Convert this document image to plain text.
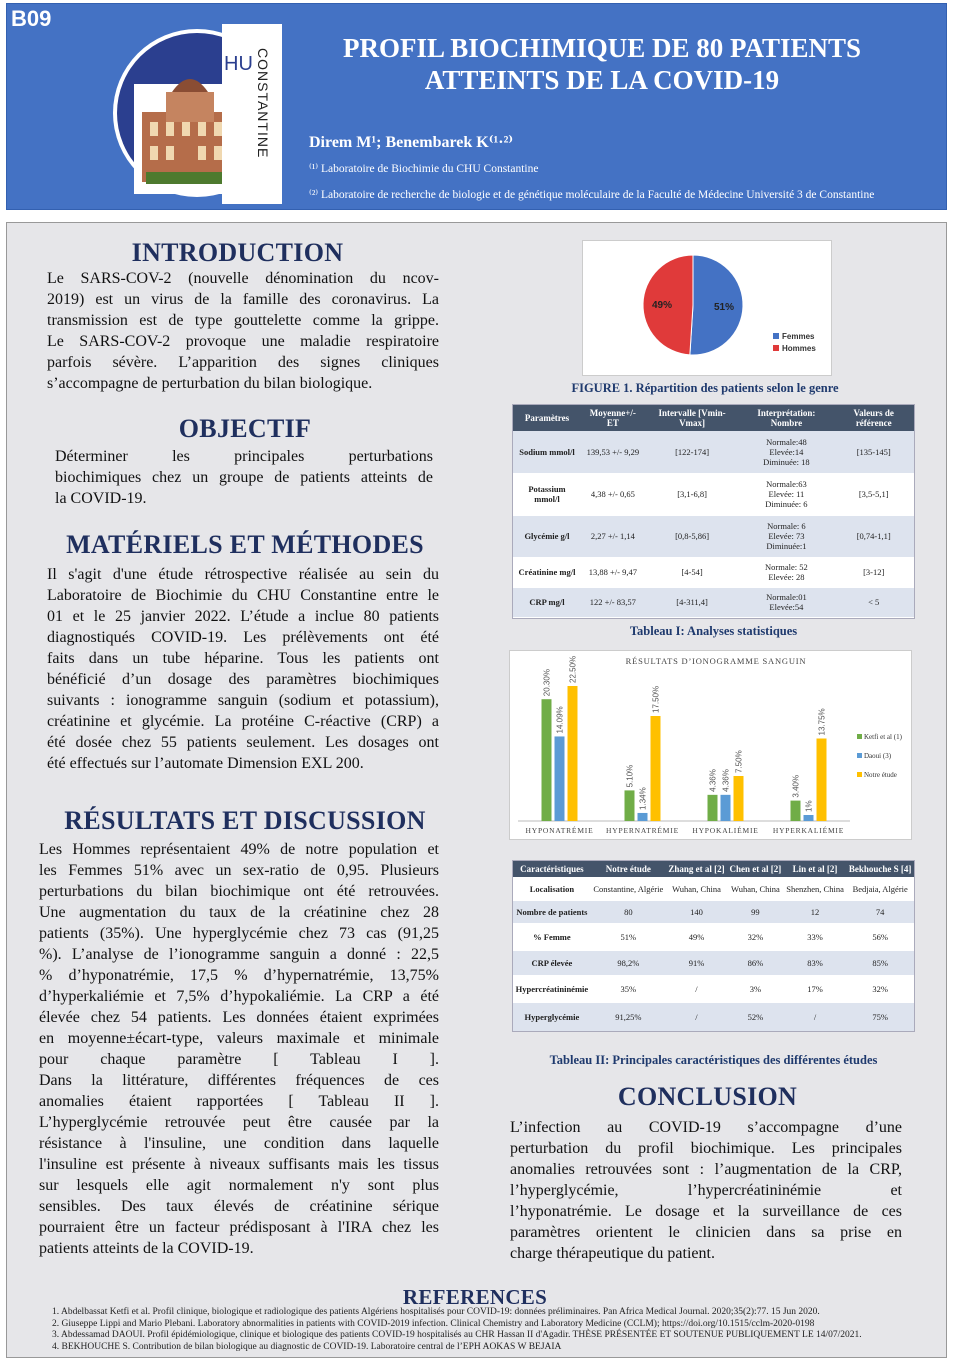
B09
HU CONSTANTINE	PROFIL BIOCHIMIQUE DE 80 PATIENTS
ATTEINTS DE LA COVID-19
Direm M¹; Benembarek K⁽¹·²⁾
⁽¹⁾ Laboratoire de Biochimie du CHU Constantine
⁽²⁾ Laboratoire de recherche de biologie et de génétique moléculaire de la Faculté de Médecine Université 3 de Constantine
INTRODUCTION
Le SARS-COV-2 (nouvelle dénomination du ncov-
2019) est un virus de la famille des coronavirus. La
transmission est de type gouttelette comme la grippe.
Le SARS-COV-2 provoque une maladie respiratoire
parfois sévère. L’apparition des signes cliniques
s’accompagne de perturbation du bilan biologique.
OBJECTIF
Déterminer les principales perturbations
biochimiques chez un groupe de patients atteints de
la COVID-19.
MATÉRIELS ET MÉTHODES
Il s'agit d'une étude rétrospective réalisée au sein du
Laboratoire de Biochimie du CHU Constantine entre le
01 et le 25 janvier 2022. L’étude a inclue 80 patients
diagnostiqués COVID-19. Les prélèvements ont été
faits dans un tube héparine. Tous les patients ont
bénéficié d’un dosage des paramètres biochimiques
suivants : ionogramme sanguin (sodium et potassium),
créatinine et glycémie. La protéine C-réactive (CRP) a
été dosée chez 55 patients seulement. Les dosages ont
été effectués sur l’automate Dimension EXL 200.
RÉSULTATS ET DISCUSSION
Les Hommes représentaient 49% de notre population et
les Femmes 51% avec un sex-ratio de 0,95. Plusieurs
perturbations du bilan biochimique ont été retrouvées.
Une augmentation du taux de la créatinine chez 28
patients (35%). Une hyperglycémie chez 73 cas (91,25
%). L’analyse de l’ionogramme sanguin a donné : 22,5
% d’hyponatrémie, 17,5 % d’hypernatrémie, 13,75%
d’hyperkaliémie et 7,5% d’hypokaliémie. La CRP a été
élevée chez 54 patients. Les données étaient exprimées
en moyenne±écart-type, valeurs maximale et minimale
pour chaque paramètre [ Tableau I ].
Dans la littérature, différentes fréquences de ces
anomalies étaient rapportées [ Tableau II ].
L’hyperglycémie retrouvée peut être causée par la
résistance à l'insuline, une condition dans laquelle
l'insuline est présente à niveaux suffisants mais les tissus
sur lesquels elle agit normalement n'y sont plus
sensibles. Des taux élevés de créatinine sérique
pourraient être un facteur prédisposant à l'IRA chez les
patients atteints de la COVID-19.
51%
49%
Femmes
Hommes
FIGURE 1. Répartition des patients selon le genre
Paramètres	Moyenne+/- ET	Intervalle [Vmin-Vmax]	Interprétation: Nombre	Valeurs de référence
Sodium mmol/l	139,53 +/- 9,29	[122-174]	Normale:48
Elevée:14
Diminuée: 18	[135-145]
Potassium mmol/l	4,38 +/- 0,65	[3,1-6,8]	Normale:63
Elevée: 11
Diminuée: 6	[3,5-5,1]
Glycémie g/l	2,27 +/- 1,14	[0,8-5,86]	Normale: 6
Elevée: 73
Diminuée:1	[0,74-1,1]
Créatinine mg/l	13,88 +/- 9,47	[4-54]	Normale: 52
Elevée: 28	[3-12]
CRP mg/l	122 +/- 83,57	[4-311,4]	Normale:01
Elevée:54	< 5
Tableau I: Analyses statistiques
RÉSULTATS D’IONOGRAMME SANGUIN
20.30%
14.09%
22.50%
HYPONATRÉMIE
5.10%
1.34%
17.50%
HYPERNATRÉMIE
4.36% 4.36%
7.50%
HYPOKALIÉMIE
3.40%
1%
13.75%
HYPERKALIÉMIE
Ketfi et al (1)
Daoui (3)
Notre étude
Caractéristiques	Notre étude	Zhang et al [2]	Chen et al [2]	Lin et al [2]	Bekhouche S [4]
Localisation	Constantine, Algérie	Wuhan, China	Wuhan, China	Shenzhen, China	Bedjaia, Algérie
Nombre de patients	80	140	99	12	74
% Femme	51%	49%	32%	33%	56%
CRP élevée	98,2%	91%	86%	83%	85%
Hypercréatininémie	35%	/	3%	17%	32%
Hyperglycémie	91,25%	/	52%	/	75%
Tableau II: Principales caractéristiques des différentes études
CONCLUSION
L’infection au COVID-19 s’accompagne d’une
perturbation du profil biochimique. Les principales
anomalies retrouvées sont : l’augmentation de la CRP,
l’hyperglycémie, l’hypercréatininémie et
l’hyponatrémie. Le dosage et la surveillance de ces
paramètres orientent le clinicien dans sa prise en
charge thérapeutique du patient.
REFERENCES
1. Abdelbassat Ketfi et al. Profil clinique, biologique et radiologique des patients Algériens hospitalisés pour COVID-19: données préliminaires. Pan Africa Medical Journal. 2020;35(2):77. 15 Jun 2020.
2. Giuseppe Lippi and Mario Plebani. Laboratory abnormalities in patients with COVID-2019 infection. Clinical Chemistry and Laboratory Medicine (CCLM); https://doi.org/10.1515/cclm-2020-0198
3. Abdessamad DAOUI. Profil épidémiologique, clinique et biologique des patients COVID-19 hospitalisés au CHR Hassan II d'Agadir. THÈSE PRÉSENTÉE ET SOUTENUE PUBLIQUEMENT LE 14/07/2021.
4. BEKHOUCHE S. Contribution de bilan biologique au diagnostic de COVID-19. Laboratoire central de l’EPH AOKAS W BEJAIA
